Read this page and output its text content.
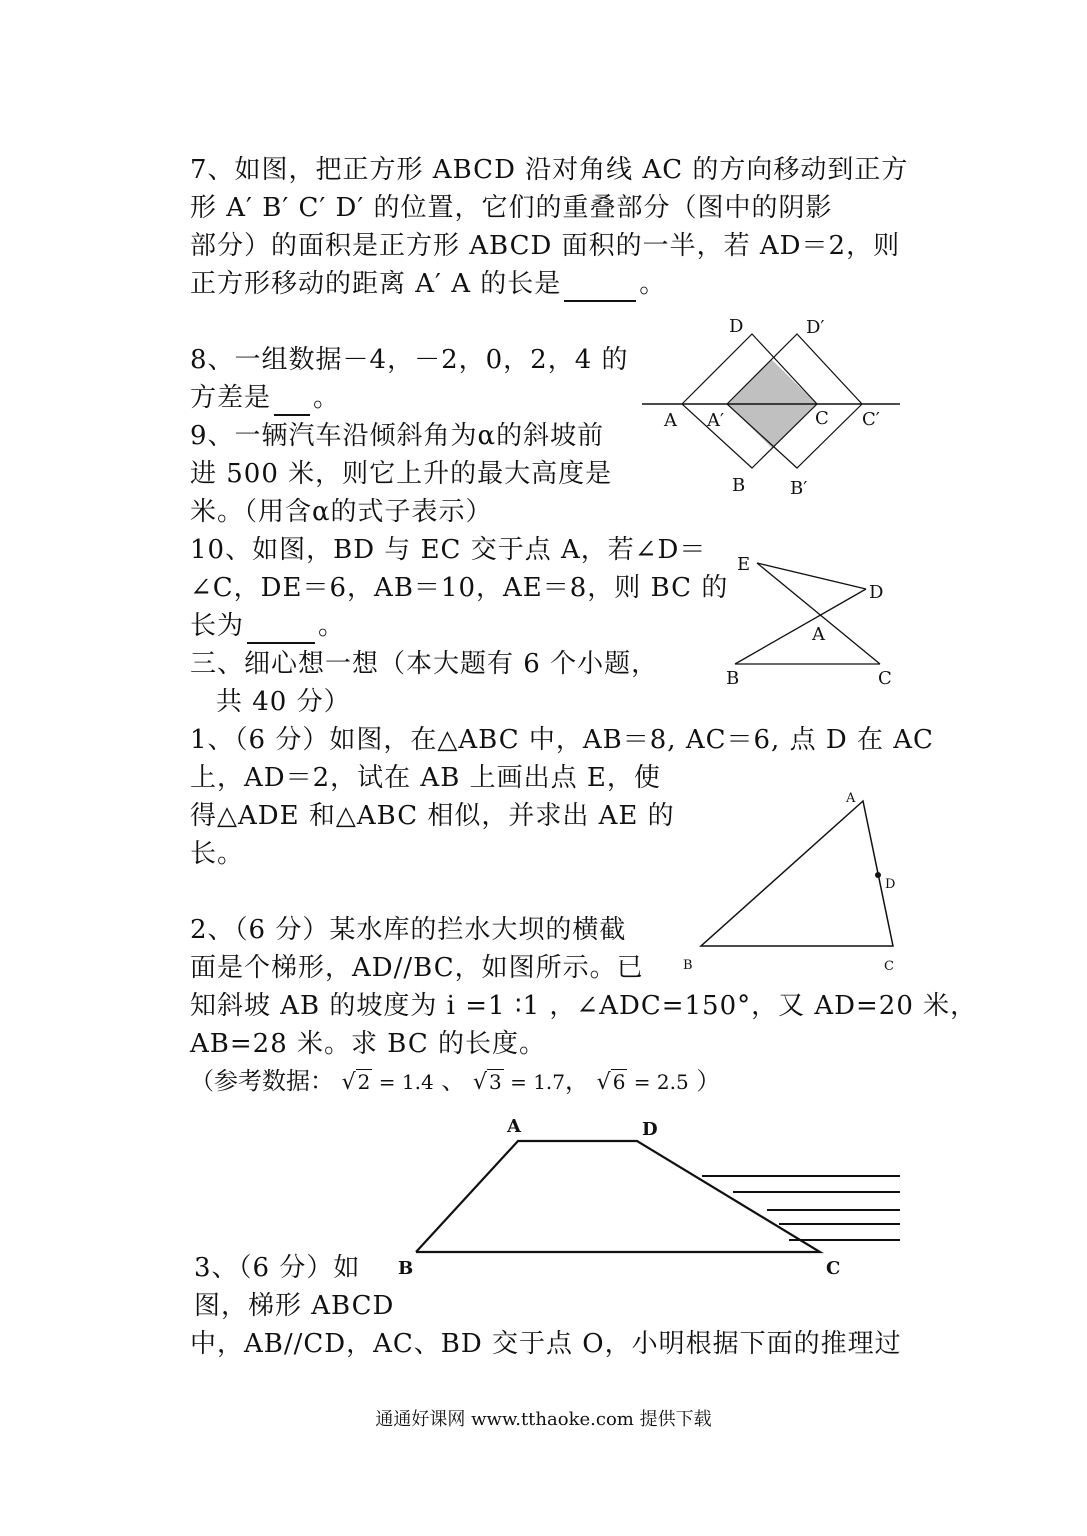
7、如图，把正方形 ABCD 沿对角线 AC 的方向移动到正方
形 A′ B′ C′ D′ 的位置，它们的重叠部分（图中的阴影
部分）的面积是正方形 ABCD 面积的一半，若 AD＝2，则
正方形移动的距离 A′ A 的长是	。
8、一组数据－4，－2，0，2，4 的
方差是 。
9、一辆汽车沿倾斜角为α的斜坡前
进 500 米，则它上升的最大高度是
米。（用含α的式子表示）
10、如图，BD 与 EC 交于点 A，若∠D＝
∠C，DE＝6，AB＝10，AE＝8，则 BC 的
长为	。
三、细心想一想（本大题有 6 个小题，
共 40 分）
1、（6 分）如图，在△ABC 中，AB＝8, AC＝6, 点 D 在 AC
上，AD＝2，试在 AB 上画出点 E，使
得△ADE 和△ABC 相似，并求出 AE 的
长。
2、（6 分）某水库的拦水大坝的横截
面是个梯形，AD//BC，如图所示。已
知斜坡 AB 的坡度为 i =1 ∶1 ，∠ADC=150°，又 AD=20 米，
AB=28 米。求 BC 的长度。
（参考数据： √ 2 = 1.4 、 √ 3 = 1.7， √ 6 = 2.5 ）
3、（6 分）如
图，梯形 ABCD
中，AB//CD，AC、BD 交于点 O，小明根据下面的推理过
D	D′
A A′	C C′
B B′
E
D
A
B	C
A
D
B	C
A	D
B	C
通通好课网 www.tthaoke.com 提供下载
